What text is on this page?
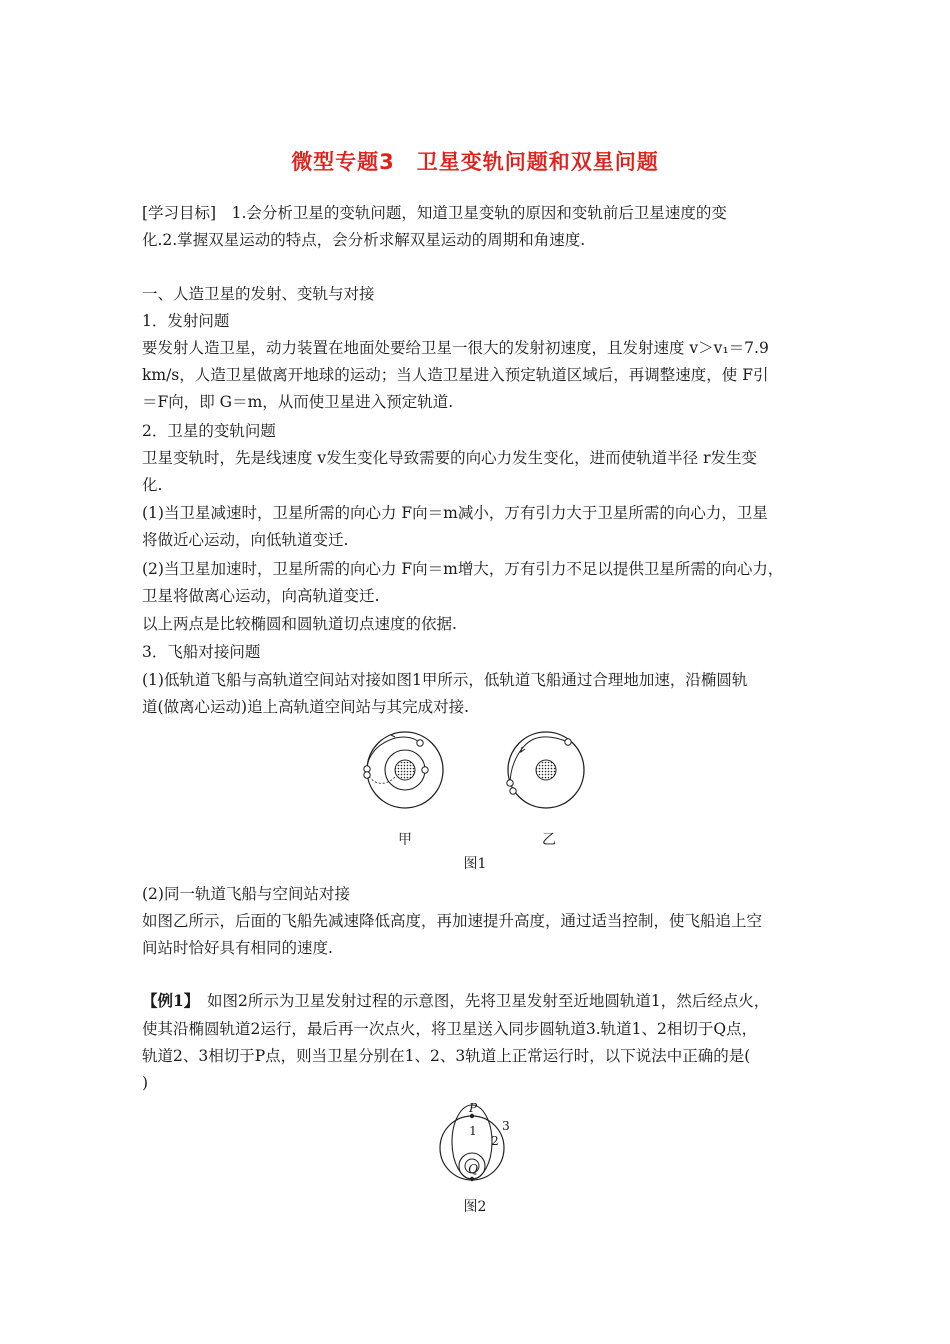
微型专题3　卫星变轨问题和双星问题
[学习目标]　1.会分析卫星的变轨问题，知道卫星变轨的原因和变轨前后卫星速度的变
化.2.掌握双星运动的特点，会分析求解双星运动的周期和角速度.
一、人造卫星的发射、变轨与对接
1．发射问题
要发射人造卫星，动力装置在地面处要给卫星一很大的发射初速度，且发射速度 v＞v₁＝7.9
km/s，人造卫星做离开地球的运动；当人造卫星进入预定轨道区域后，再调整速度，使 F引
＝F向，即 G＝m，从而使卫星进入预定轨道.
2．卫星的变轨问题
卫星变轨时，先是线速度 v发生变化导致需要的向心力发生变化，进而使轨道半径 r发生变
化.
(1)当卫星减速时，卫星所需的向心力 F向＝m减小，万有引力大于卫星所需的向心力，卫星
将做近心运动，向低轨道变迁.
(2)当卫星加速时，卫星所需的向心力 F向＝m增大，万有引力不足以提供卫星所需的向心力，
卫星将做离心运动，向高轨道变迁.
以上两点是比较椭圆和圆轨道切点速度的依据.
3．飞船对接问题
(1)低轨道飞船与高轨道空间站对接如图1甲所示，低轨道飞船通过合理地加速，沿椭圆轨
道(做离心运动)追上高轨道空间站与其完成对接.
甲	乙
图1
(2)同一轨道飞船与空间站对接
如图乙所示，后面的飞船先减速降低高度，再加速提升高度，通过适当控制，使飞船追上空
间站时恰好具有相同的速度.
【例1】　如图2所示为卫星发射过程的示意图，先将卫星发射至近地圆轨道1，然后经点火，
使其沿椭圆轨道2运行，最后再一次点火，将卫星送入同步圆轨道3.轨道1、2相切于Q点，
轨道2、3相切于P点，则当卫星分别在1、2、3轨道上正常运行时，以下说法中正确的是(
)
P
Q
1
2
3
图2
